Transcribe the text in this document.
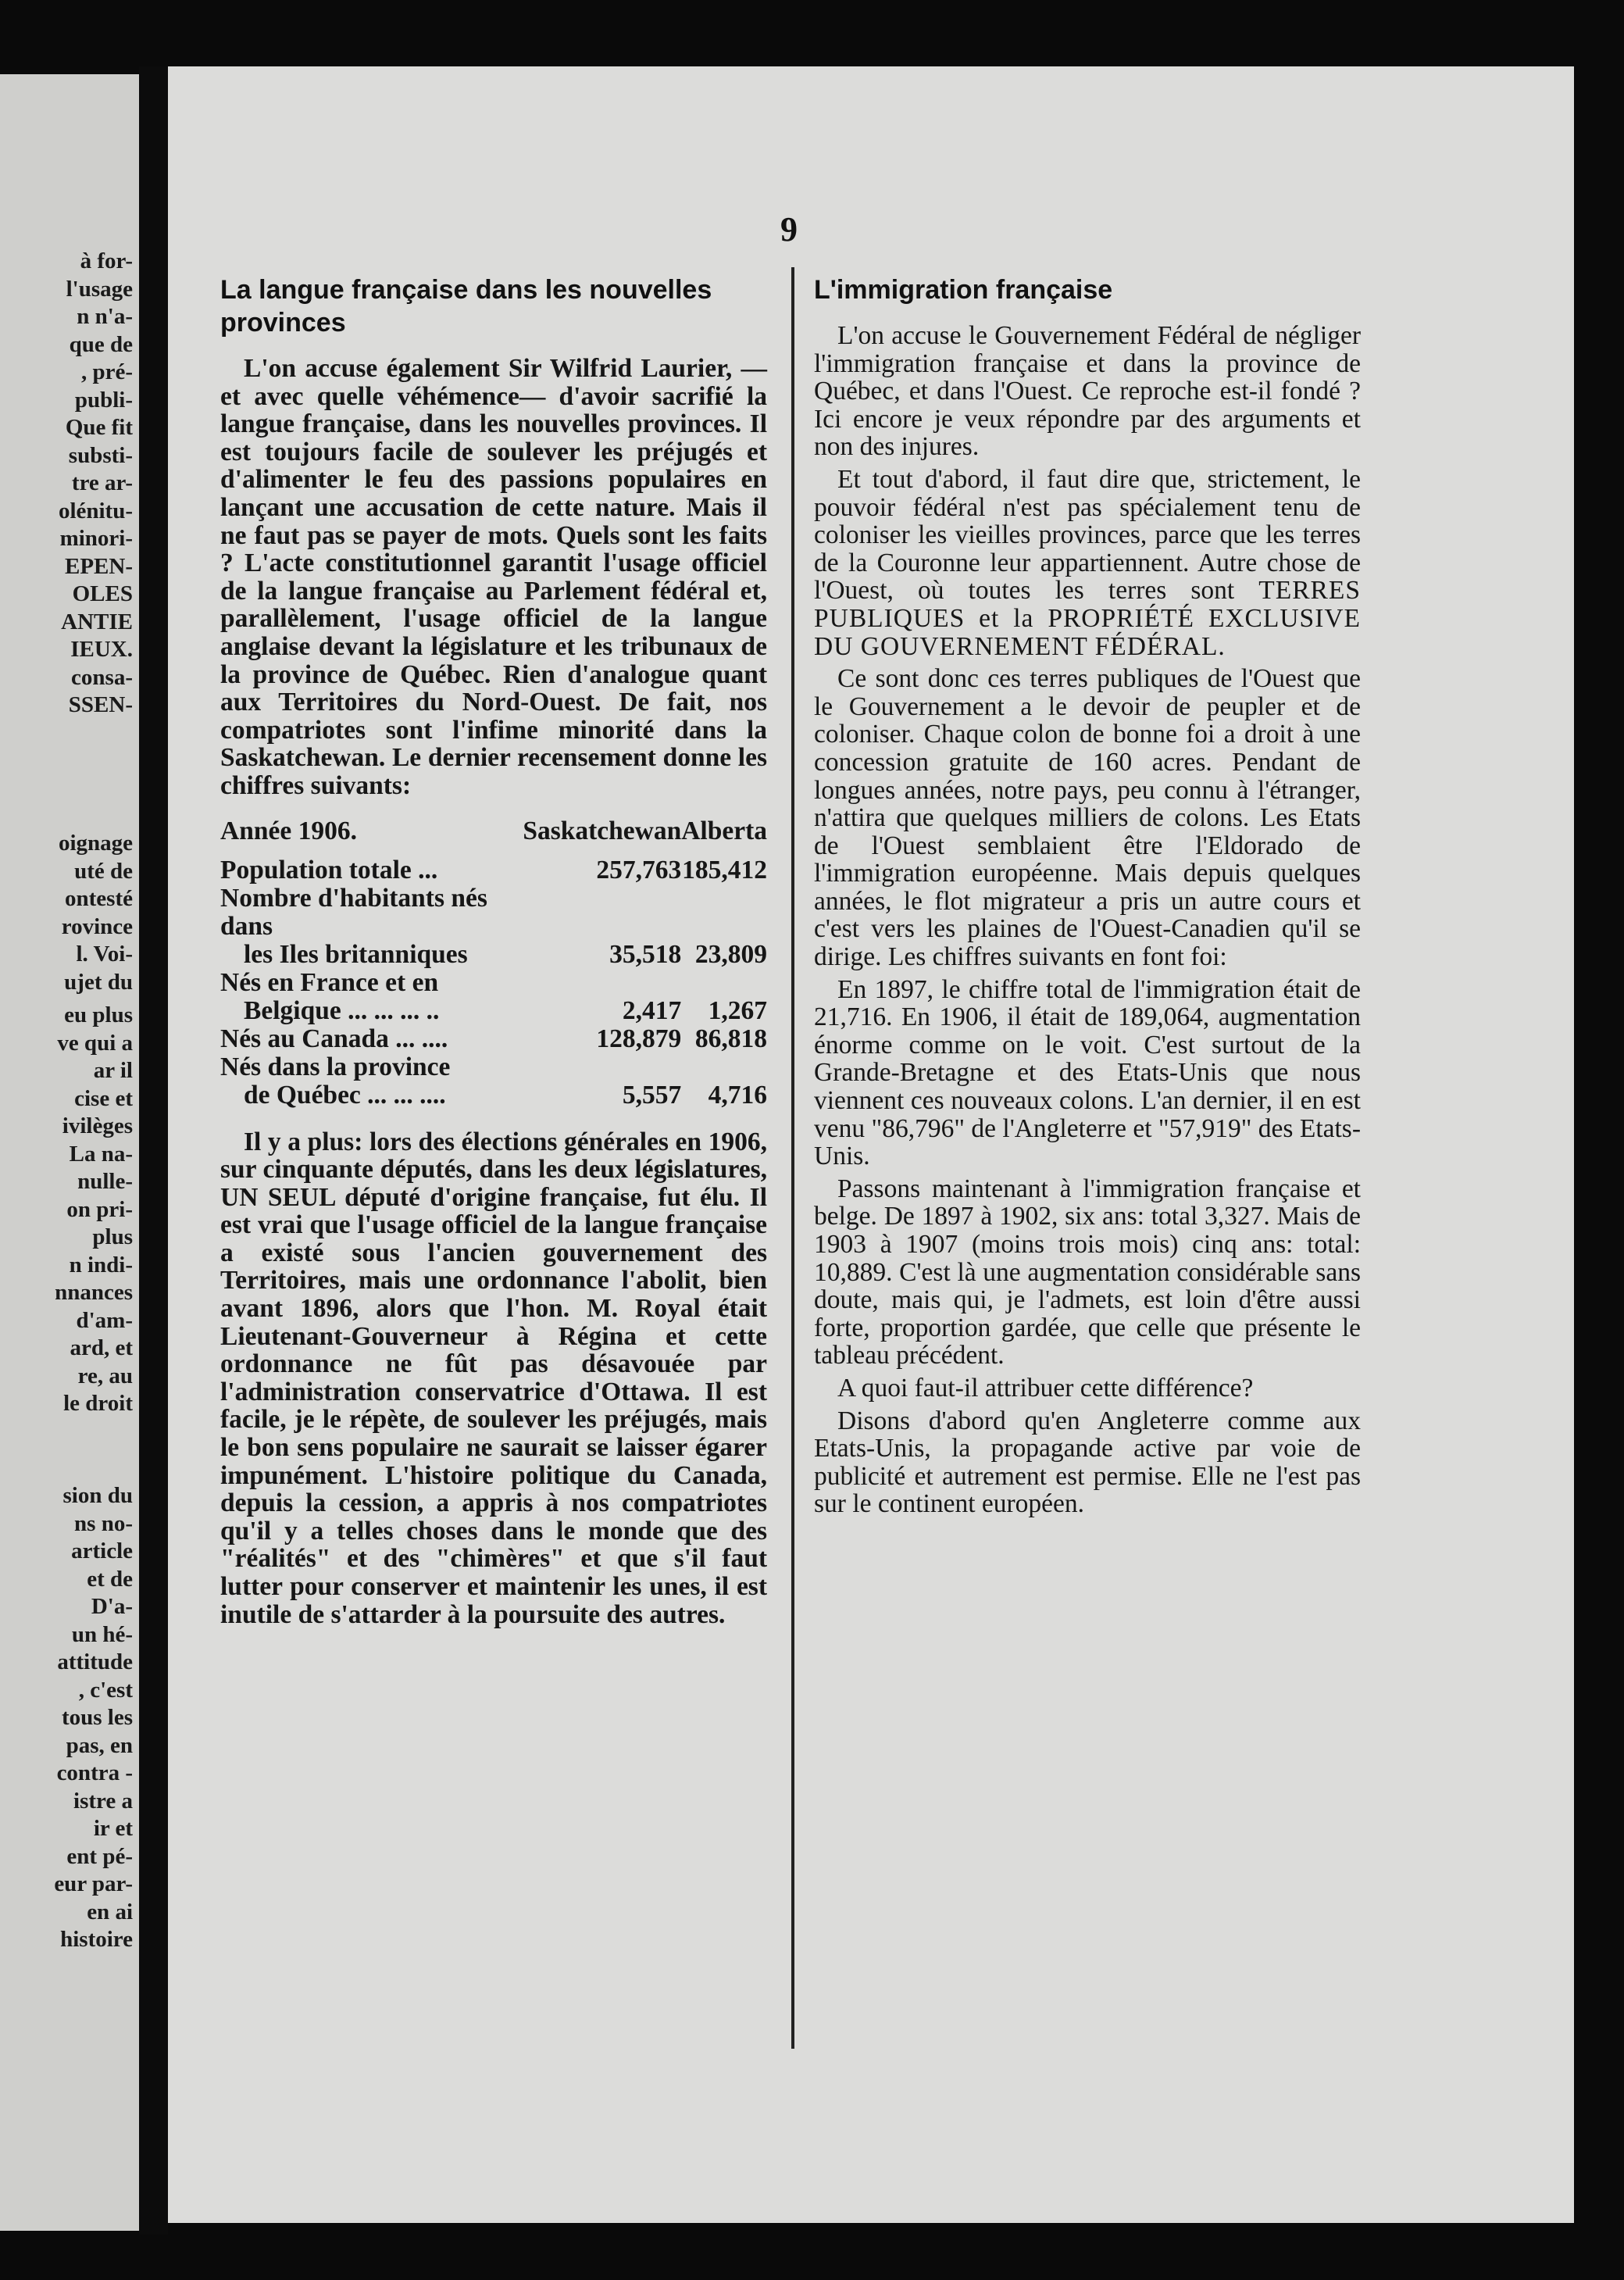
à for-
l'usage
n n'a-
que de
, pré-
publi-
Que fit
substi-
tre ar-
olénitu-
minori-
EPEN-
OLES
ANTIE
IEUX.
consa-
SSEN-
oignage
uté de
ontesté
rovince
l. Voi-
ujet du
eu plus
ve qui a
ar il
cise et
ivilèges
La na-
nulle-
on pri-
plus
n indi-
nnances
d'am-
ard, et
re, au
le droit
sion du
ns no-
article
et de
D'a-
un hé-
attitude
, c'est
tous les
pas, en
contra -
istre a
ir et
ent pé-
eur par-
en ai
histoire
9
La langue française dans les nouvelles provinces

L'on accuse également Sir Wilfrid Laurier, — et avec quelle véhémence— d'avoir sacrifié la langue française, dans les nouvelles provinces. Il est toujours facile de soulever les préjugés et d'alimenter le feu des passions populaires en lançant une accusation de cette nature. Mais il ne faut pas se payer de mots. Quels sont les faits ? L'acte constitutionnel garantit l'usage officiel de la langue française au Parlement fédéral et, parallèlement, l'usage officiel de la langue anglaise devant la législature et les tribunaux de la province de Québec. Rien d'analogue quant aux Territoires du Nord-Ouest. De fait, nos compatriotes sont l'infime minorité dans la Saskatchewan. Le dernier recensement donne les chiffres suivants:

Année 1906.	Saskatchewan	Alberta
Population totale ...	257,763	185,412
Nombre d'habitants nés dans		
les Iles britanniques	35,518	23,809
Nés en France et en		
Belgique ... ... ... ..	2,417	1,267
Nés au Canada ... ....	128,879	86,818
Nés dans la province		
de Québec ... ... ....	5,557	4,716

Il y a plus: lors des élections générales en 1906, sur cinquante députés, dans les deux législatures, UN SEUL député d'origine française, fut élu. Il est vrai que l'usage officiel de la langue française a existé sous l'ancien gouvernement des Territoires, mais une ordonnance l'abolit, bien avant 1896, alors que l'hon. M. Royal était Lieutenant-Gouverneur à Régina et cette ordonnance ne fût pas désavouée par l'administration conservatrice d'Ottawa. Il est facile, je le répète, de soulever les préjugés, mais le bon sens populaire ne saurait se laisser égarer impunément. L'histoire politique du Canada, depuis la cession, a appris à nos compatriotes qu'il y a telles choses dans le monde que des "réalités" et des "chimères" et que s'il faut lutter pour conserver et maintenir les unes, il est inutile de s'attarder à la poursuite des autres.

L'immigration française

L'on accuse le Gouvernement Fédéral de négliger l'immigration française et dans la province de Québec, et dans l'Ouest. Ce reproche est-il fondé ? Ici encore je veux répondre par des arguments et non des injures.

Et tout d'abord, il faut dire que, strictement, le pouvoir fédéral n'est pas spécialement tenu de coloniser les vieilles provinces, parce que les terres de la Couronne leur appartiennent. Autre chose de l'Ouest, où toutes les terres sont TERRES PUBLIQUES et la PROPRIÉTÉ EXCLUSIVE DU GOUVERNEMENT FÉDÉRAL.

Ce sont donc ces terres publiques de l'Ouest que le Gouvernement a le devoir de peupler et de coloniser. Chaque colon de bonne foi a droit à une concession gratuite de 160 acres. Pendant de longues années, notre pays, peu connu à l'étranger, n'attira que quelques milliers de colons. Les Etats de l'Ouest semblaient être l'Eldorado de l'immigration européenne. Mais depuis quelques années, le flot migrateur a pris un autre cours et c'est vers les plaines de l'Ouest-Canadien qu'il se dirige. Les chiffres suivants en font foi:

En 1897, le chiffre total de l'immigration était de 21,716. En 1906, il était de 189,064, augmentation énorme comme on le voit. C'est surtout de la Grande-Bretagne et des Etats-Unis que nous viennent ces nouveaux colons. L'an dernier, il en est venu "86,796" de l'Angleterre et "57,919" des Etats-Unis.

Passons maintenant à l'immigration française et belge. De 1897 à 1902, six ans: total 3,327. Mais de 1903 à 1907 (moins trois mois) cinq ans: total: 10,889. C'est là une augmentation considérable sans doute, mais qui, je l'admets, est loin d'être aussi forte, proportion gardée, que celle que présente le tableau précédent.

A quoi faut-il attribuer cette différence?

Disons d'abord qu'en Angleterre comme aux Etats-Unis, la propagande active par voie de publicité et autrement est permise. Elle ne l'est pas sur le continent européen.
